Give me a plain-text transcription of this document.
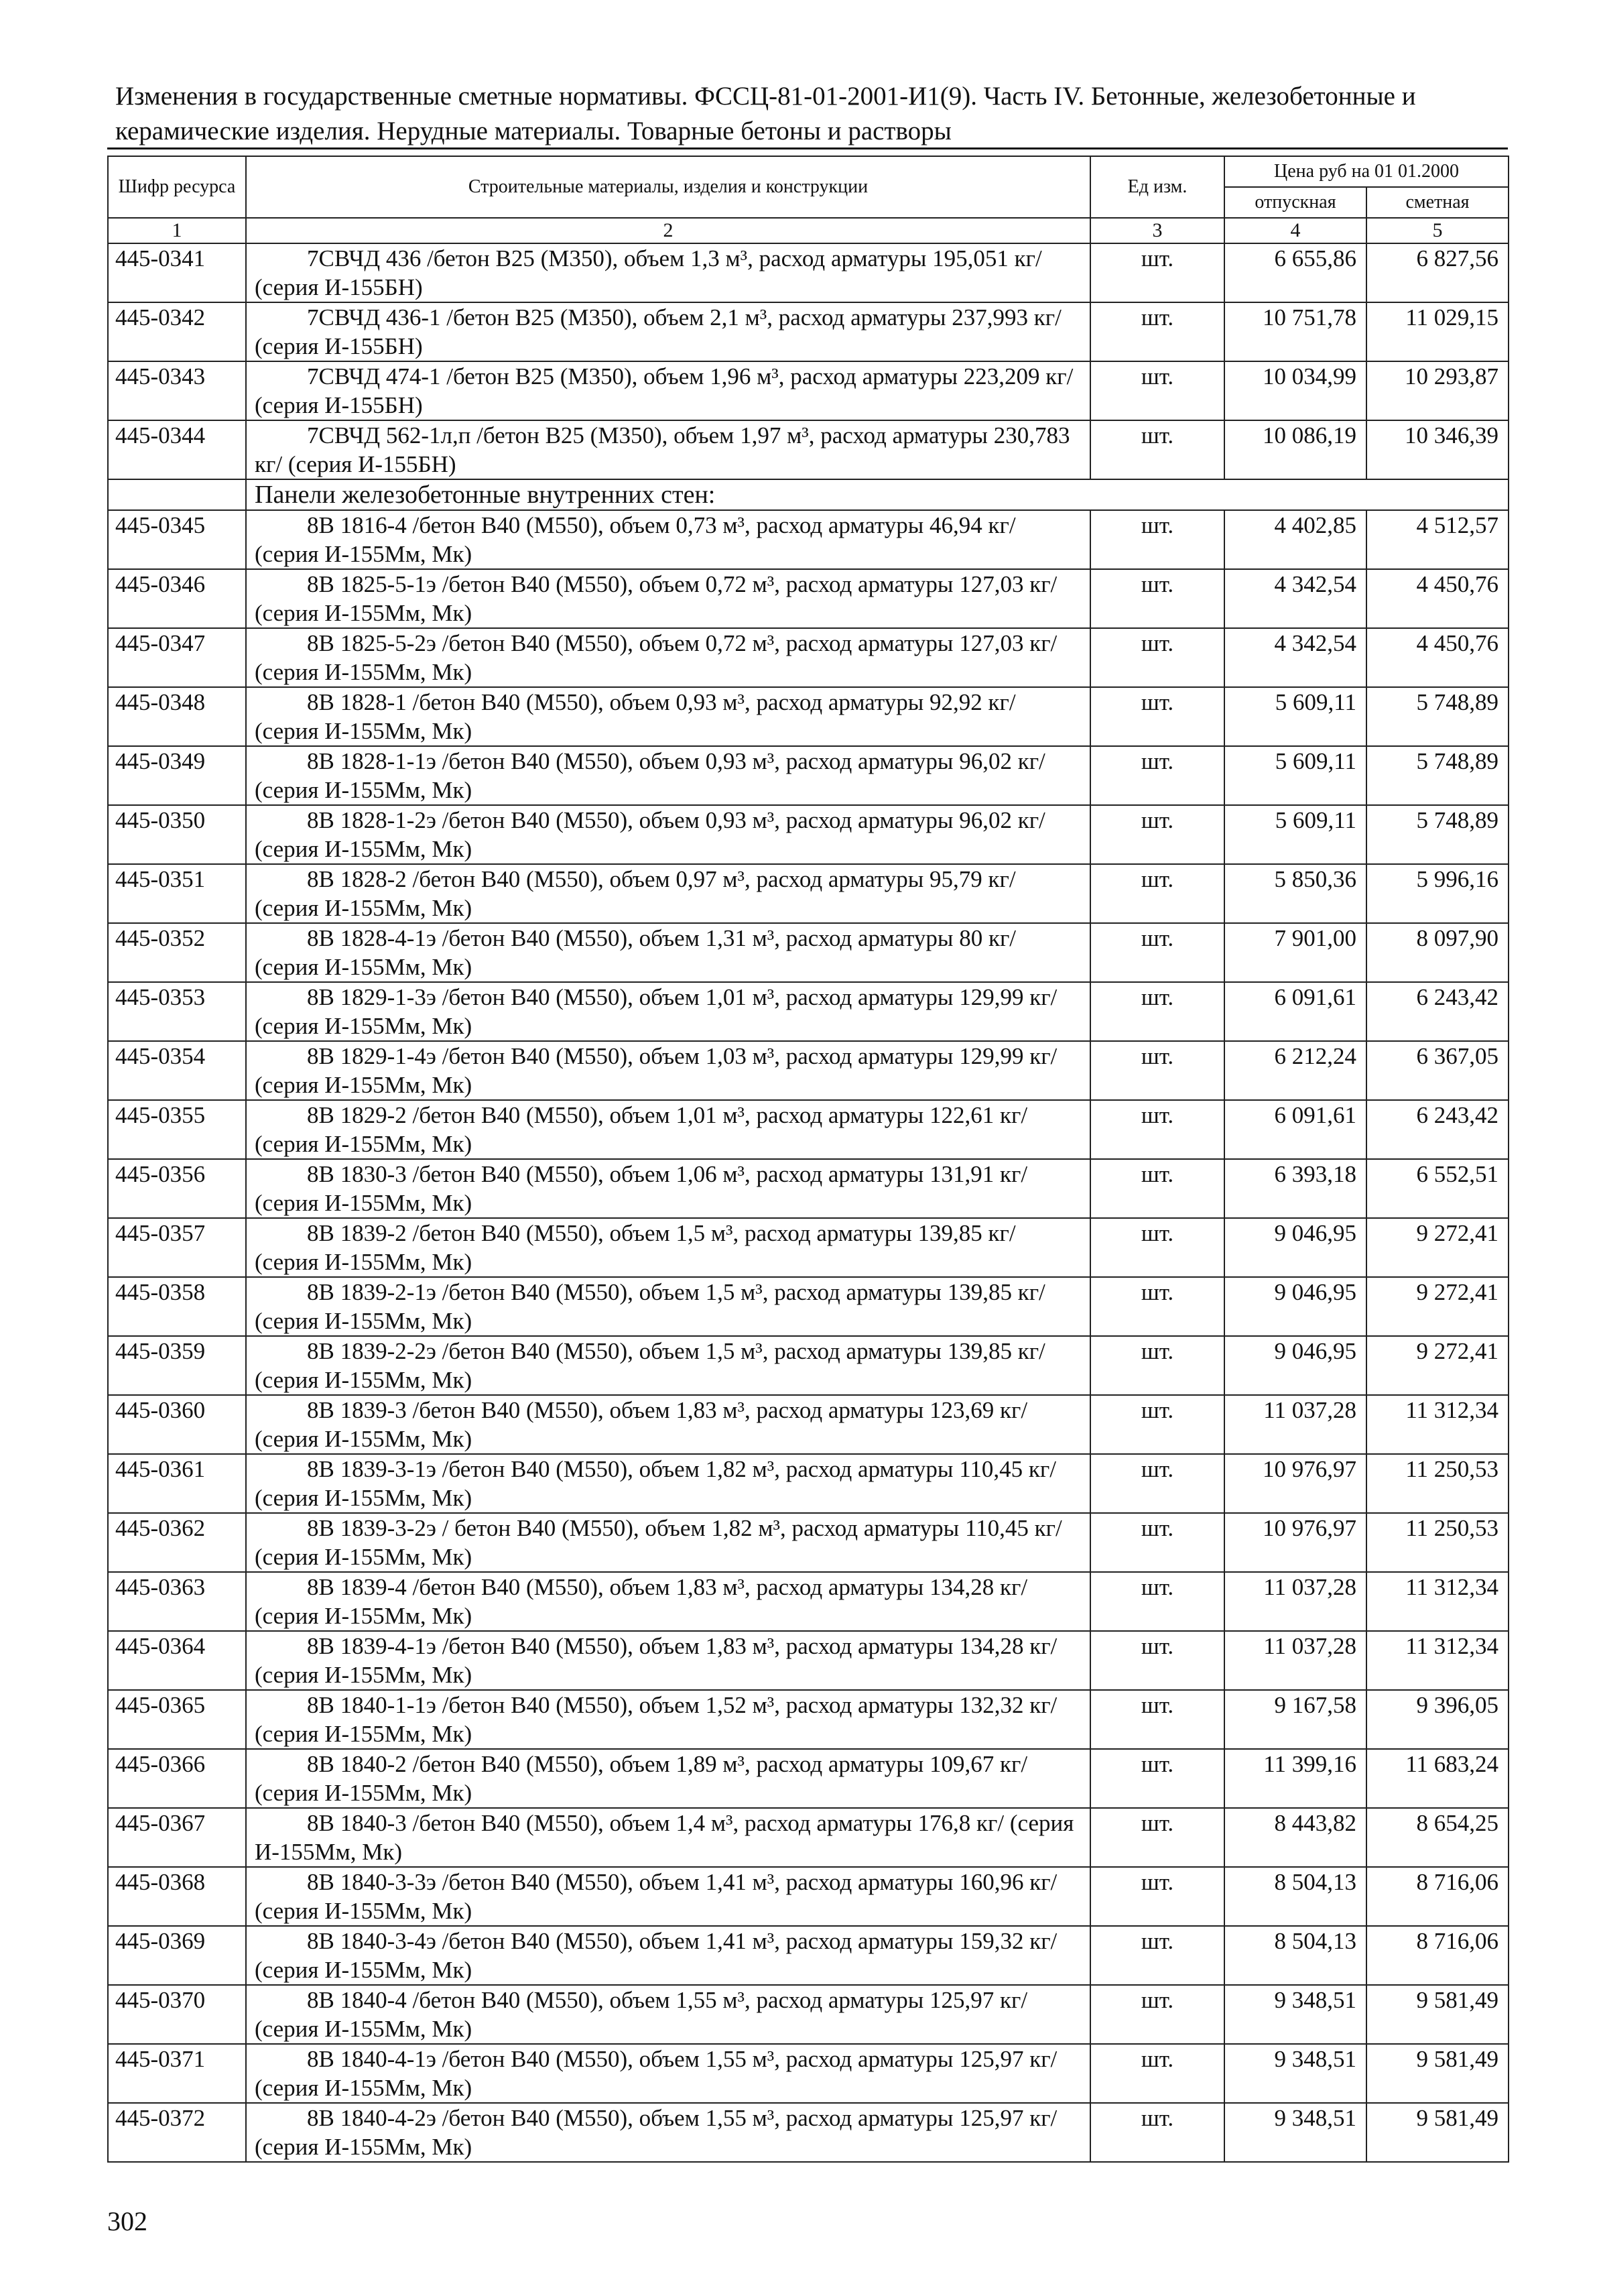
Изменения в государственные сметные нормативы. ФССЦ-81-01-2001-И1(9). Часть IV. Бетонные, железобетонные и керамические изделия. Нерудные материалы. Товарные бетоны и растворы
Шифр ресурса	Строительные материалы, изделия и конструкции	Ед изм.	Цена руб на 01 01.2000	
			отпускная	сметная
1	2	3	4	5
445-0341	7СВЧД 436 /бетон В25 (М350), объем 1,3 м³, расход арматуры 195,051 кг/ (серия И-155БН)	шт.	6 655,86	6 827,56
445-0342	7СВЧД 436-1 /бетон В25 (М350), объем 2,1 м³, расход арматуры 237,993 кг/ (серия И-155БН)	шт.	10 751,78	11 029,15
445-0343	7СВЧД 474-1 /бетон В25 (М350), объем 1,96 м³, расход арматуры 223,209 кг/ (серия И-155БН)	шт.	10 034,99	10 293,87
445-0344	7СВЧД 562-1л,п /бетон В25 (М350), объем 1,97 м³, расход арматуры 230,783 кг/ (серия И-155БН)	шт.	10 086,19	10 346,39
	Панели железобетонные внутренних стен:			
445-0345	8В 1816-4 /бетон В40 (М550), объем 0,73 м³, расход арматуры 46,94 кг/ (серия И-155Мм, Мк)	шт.	4 402,85	4 512,57
445-0346	8В 1825-5-1э /бетон В40 (М550), объем 0,72 м³, расход арматуры 127,03 кг/ (серия И-155Мм, Мк)	шт.	4 342,54	4 450,76
445-0347	8В 1825-5-2э /бетон В40 (М550), объем 0,72 м³, расход арматуры 127,03 кг/ (серия И-155Мм, Мк)	шт.	4 342,54	4 450,76
445-0348	8В 1828-1 /бетон В40 (М550), объем 0,93 м³, расход арматуры 92,92 кг/ (серия И-155Мм, Мк)	шт.	5 609,11	5 748,89
445-0349	8В 1828-1-1э /бетон В40 (М550), объем 0,93 м³, расход арматуры 96,02 кг/ (серия И-155Мм, Мк)	шт.	5 609,11	5 748,89
445-0350	8В 1828-1-2э /бетон В40 (М550), объем 0,93 м³, расход арматуры 96,02 кг/ (серия И-155Мм, Мк)	шт.	5 609,11	5 748,89
445-0351	8В 1828-2 /бетон В40 (М550), объем 0,97 м³, расход арматуры 95,79 кг/ (серия И-155Мм, Мк)	шт.	5 850,36	5 996,16
445-0352	8В 1828-4-1э /бетон В40 (М550), объем 1,31 м³, расход арматуры 80 кг/ (серия И-155Мм, Мк)	шт.	7 901,00	8 097,90
445-0353	8В 1829-1-3э /бетон В40 (М550), объем 1,01 м³, расход арматуры 129,99 кг/ (серия И-155Мм, Мк)	шт.	6 091,61	6 243,42
445-0354	8В 1829-1-4э /бетон В40 (М550), объем 1,03 м³, расход арматуры 129,99 кг/ (серия И-155Мм, Мк)	шт.	6 212,24	6 367,05
445-0355	8В 1829-2 /бетон В40 (М550), объем 1,01 м³, расход арматуры 122,61 кг/ (серия И-155Мм, Мк)	шт.	6 091,61	6 243,42
445-0356	8В 1830-3 /бетон В40 (М550), объем 1,06 м³, расход арматуры 131,91 кг/ (серия И-155Мм, Мк)	шт.	6 393,18	6 552,51
445-0357	8В 1839-2 /бетон В40 (М550), объем 1,5 м³, расход арматуры 139,85 кг/ (серия И-155Мм, Мк)	шт.	9 046,95	9 272,41
445-0358	8В 1839-2-1э /бетон В40 (М550), объем 1,5 м³, расход арматуры 139,85 кг/ (серия И-155Мм, Мк)	шт.	9 046,95	9 272,41
445-0359	8В 1839-2-2э /бетон В40 (М550), объем 1,5 м³, расход арматуры 139,85 кг/ (серия И-155Мм, Мк)	шт.	9 046,95	9 272,41
445-0360	8В 1839-3 /бетон В40 (М550), объем 1,83 м³, расход арматуры 123,69 кг/ (серия И-155Мм, Мк)	шт.	11 037,28	11 312,34
445-0361	8В 1839-3-1э /бетон В40 (М550), объем 1,82 м³, расход арматуры 110,45 кг/ (серия И-155Мм, Мк)	шт.	10 976,97	11 250,53
445-0362	8В 1839-3-2э / бетон В40 (М550), объем 1,82 м³, расход арматуры 110,45 кг/ (серия И-155Мм, Мк)	шт.	10 976,97	11 250,53
445-0363	8В 1839-4 /бетон В40 (М550), объем 1,83 м³, расход арматуры 134,28 кг/ (серия И-155Мм, Мк)	шт.	11 037,28	11 312,34
445-0364	8В 1839-4-1э /бетон В40 (М550), объем 1,83 м³, расход арматуры 134,28 кг/ (серия И-155Мм, Мк)	шт.	11 037,28	11 312,34
445-0365	8В 1840-1-1э /бетон В40 (М550), объем 1,52 м³, расход арматуры 132,32 кг/ (серия И-155Мм, Мк)	шт.	9 167,58	9 396,05
445-0366	8В 1840-2 /бетон В40 (М550), объем 1,89 м³, расход арматуры 109,67 кг/ (серия И-155Мм, Мк)	шт.	11 399,16	11 683,24
445-0367	8В 1840-3 /бетон В40 (М550), объем 1,4 м³, расход арматуры 176,8 кг/ (серия И-155Мм, Мк)	шт.	8 443,82	8 654,25
445-0368	8В 1840-3-3э /бетон В40 (М550), объем 1,41 м³, расход арматуры 160,96 кг/ (серия И-155Мм, Мк)	шт.	8 504,13	8 716,06
445-0369	8В 1840-3-4э /бетон В40 (М550), объем 1,41 м³, расход арматуры 159,32 кг/ (серия И-155Мм, Мк)	шт.	8 504,13	8 716,06
445-0370	8В 1840-4 /бетон В40 (М550), объем 1,55 м³, расход арматуры 125,97 кг/ (серия И-155Мм, Мк)	шт.	9 348,51	9 581,49
445-0371	8В 1840-4-1э /бетон В40 (М550), объем 1,55 м³, расход арматуры 125,97 кг/ (серия И-155Мм, Мк)	шт.	9 348,51	9 581,49
445-0372	8В 1840-4-2э /бетон В40 (М550), объем 1,55 м³, расход арматуры 125,97 кг/ (серия И-155Мм, Мк)	шт.	9 348,51	9 581,49
302
